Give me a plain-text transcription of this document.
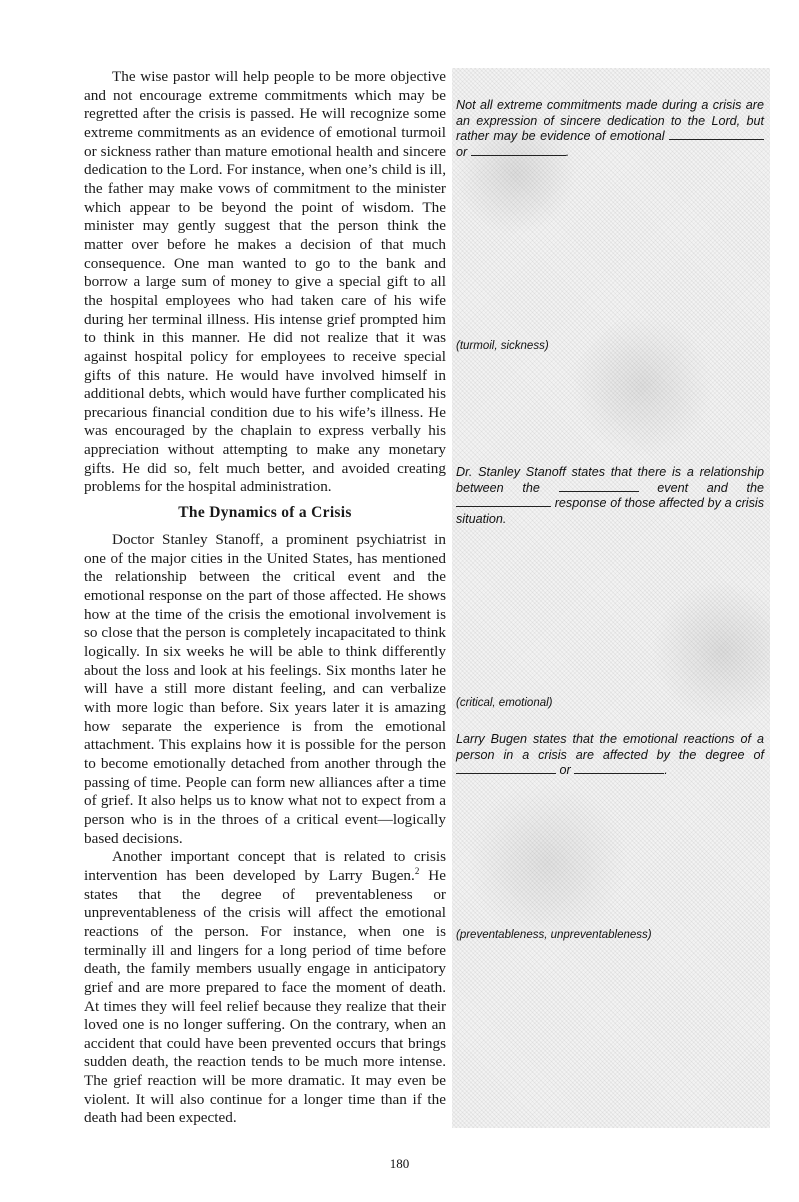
The wise pastor will help people to be more objective and not encourage extreme commitments which may be regretted after the crisis is passed. He will recognize some extreme commitments as an evidence of emotional turmoil or sickness rather than mature emotional health and sincere dedication to the Lord. For instance, when one’s child is ill, the father may make vows of commitment to the minister which appear to be beyond the point of wisdom. The minister may gently suggest that the person think the matter over before he makes a decision of that much consequence. One man wanted to go to the bank and borrow a large sum of money to give a special gift to all the hospital employees who had taken care of his wife during her terminal illness. His intense grief prompted him to think in this manner. He did not realize that it was against hospital policy for employees to receive special gifts of this nature. He would have involved himself in additional debts, which would have further complicated his precarious financial condition due to his wife’s illness. He was encouraged by the chaplain to express verbally his appreciation without attempting to make any monetary gifts. He did so, felt much better, and avoided creating problems for the hospital administration.

The Dynamics of a Crisis

Doctor Stanley Stanoff, a prominent psychiatrist in one of the major cities in the United States, has mentioned the relationship between the critical event and the emotional response on the part of those affected. He shows how at the time of the crisis the emotional involvement is so close that the person is completely incapacitated to think logically. In six weeks he will be able to think differently about the loss and look at his feelings. Six months later he will have a still more distant feeling, and can verbalize with more logic than before. Six years later it is amazing how separate the experience is from the emotional attachment. This explains how it is possible for the person to become emotionally detached from another through the passing of time. People can form new alliances after a time of grief. It also helps us to know what not to expect from a person who is in the throes of a critical event—logically based decisions.

Another important concept that is related to crisis intervention has been developed by Larry Bugen.$^2$ He states that the degree of preventableness or unpreventableness of the crisis will affect the emotional reactions of the person. For instance, when one is terminally ill and lingers for a long period of time before death, the family members usually engage in anticipatory grief and are more prepared to face the moment of death. At times they will feel relief because they realize that their loved one is no longer suffering. On the contrary, when an accident that could have been prevented occurs that brings sudden death, the reaction tends to be much more intense. The grief reaction will be more dramatic. It may even be violent. It will also continue for a longer time than if the death had been expected.

Not all extreme commitments made during a crisis are an expression of sincere dedication to the Lord, but rather may be evidence of emotional  or	.
(turmoil, sickness)
Dr. Stanley Stanoff states that there is a relationship between the	event and the  response of those affected by a crisis situation.
(critical, emotional)
Larry Bugen states that the emotional reactions of a person in a crisis are affected by the degree of  or	.
(preventableness, unpreventableness)
180
